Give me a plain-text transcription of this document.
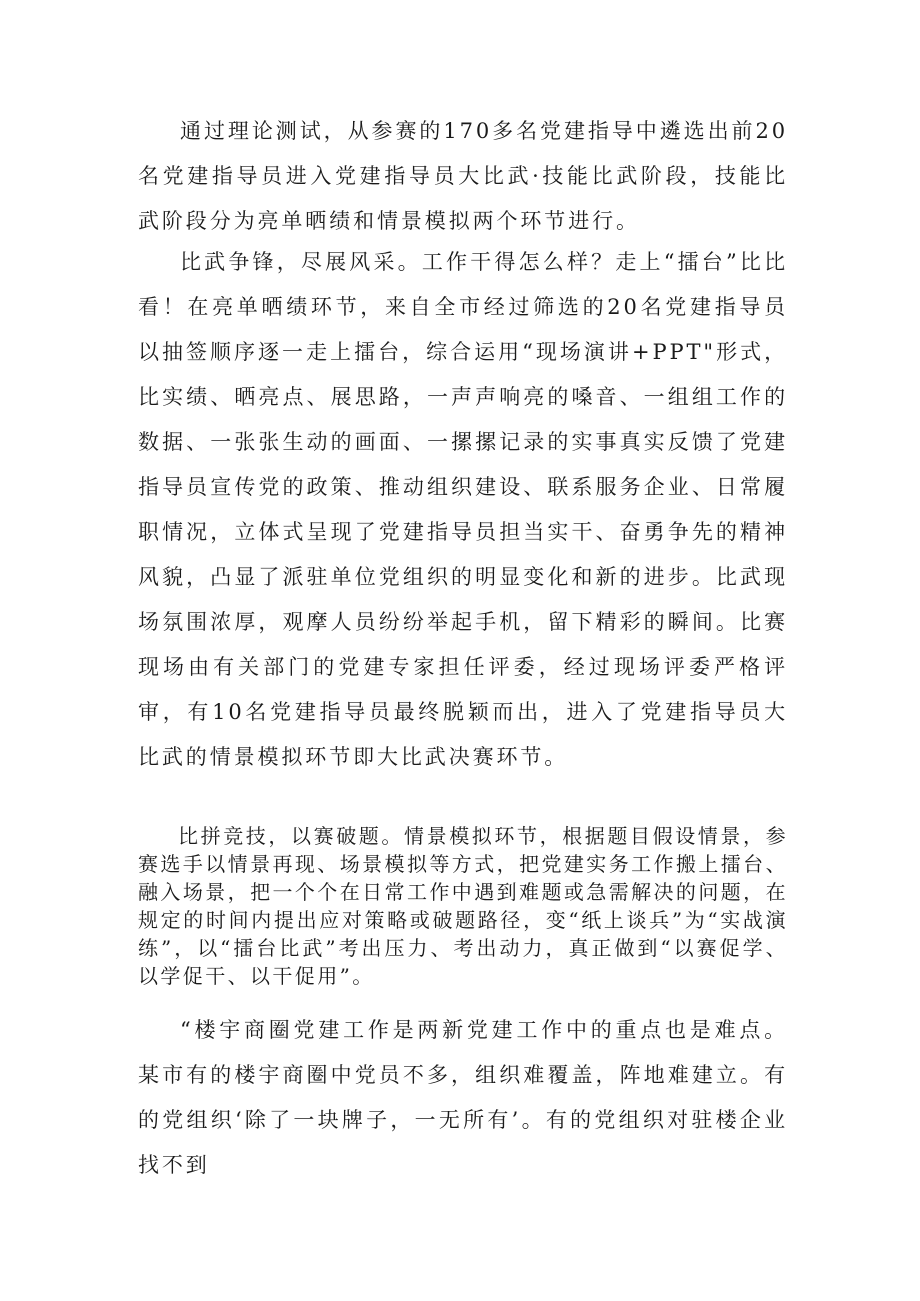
通过理论测试，从参赛的170多名党建指导中遴选出前20名党建指导员进入党建指导员大比武·技能比武阶段，技能比武阶段分为亮单晒绩和情景模拟两个环节进行。

比武争锋，尽展风采。工作干得怎么样？走上“擂台”比比看！在亮单晒绩环节，来自全市经过筛选的20名党建指导员以抽签顺序逐一走上擂台，综合运用“现场演讲+PPT"形式，比实绩、晒亮点、展思路，一声声响亮的嗓音、一组组工作的数据、一张张生动的画面、一摞摞记录的实事真实反馈了党建指导员宣传党的政策、推动组织建设、联系服务企业、日常履职情况，立体式呈现了党建指导员担当实干、奋勇争先的精神风貌，凸显了派驻单位党组织的明显变化和新的进步。比武现场氛围浓厚，观摩人员纷纷举起手机，留下精彩的瞬间。比赛现场由有关部门的党建专家担任评委，经过现场评委严格评审，有10名党建指导员最终脱颖而出，进入了党建指导员大比武的情景模拟环节即大比武决赛环节。

比拼竞技，以赛破题。情景模拟环节，根据题目假设情景，参赛选手以情景再现、场景模拟等方式，把党建实务工作搬上擂台、融入场景，把一个个在日常工作中遇到难题或急需解决的问题，在规定的时间内提出应对策略或破题路径，变“纸上谈兵”为“实战演练”，以“擂台比武”考出压力、考出动力，真正做到“以赛促学、以学促干、以干促用”。

“楼宇商圈党建工作是两新党建工作中的重点也是难点。某市有的楼宇商圈中党员不多，组织难覆盖，阵地难建立。有的党组织‘除了一块牌子，一无所有’。有的党组织对驻楼企业找不到
